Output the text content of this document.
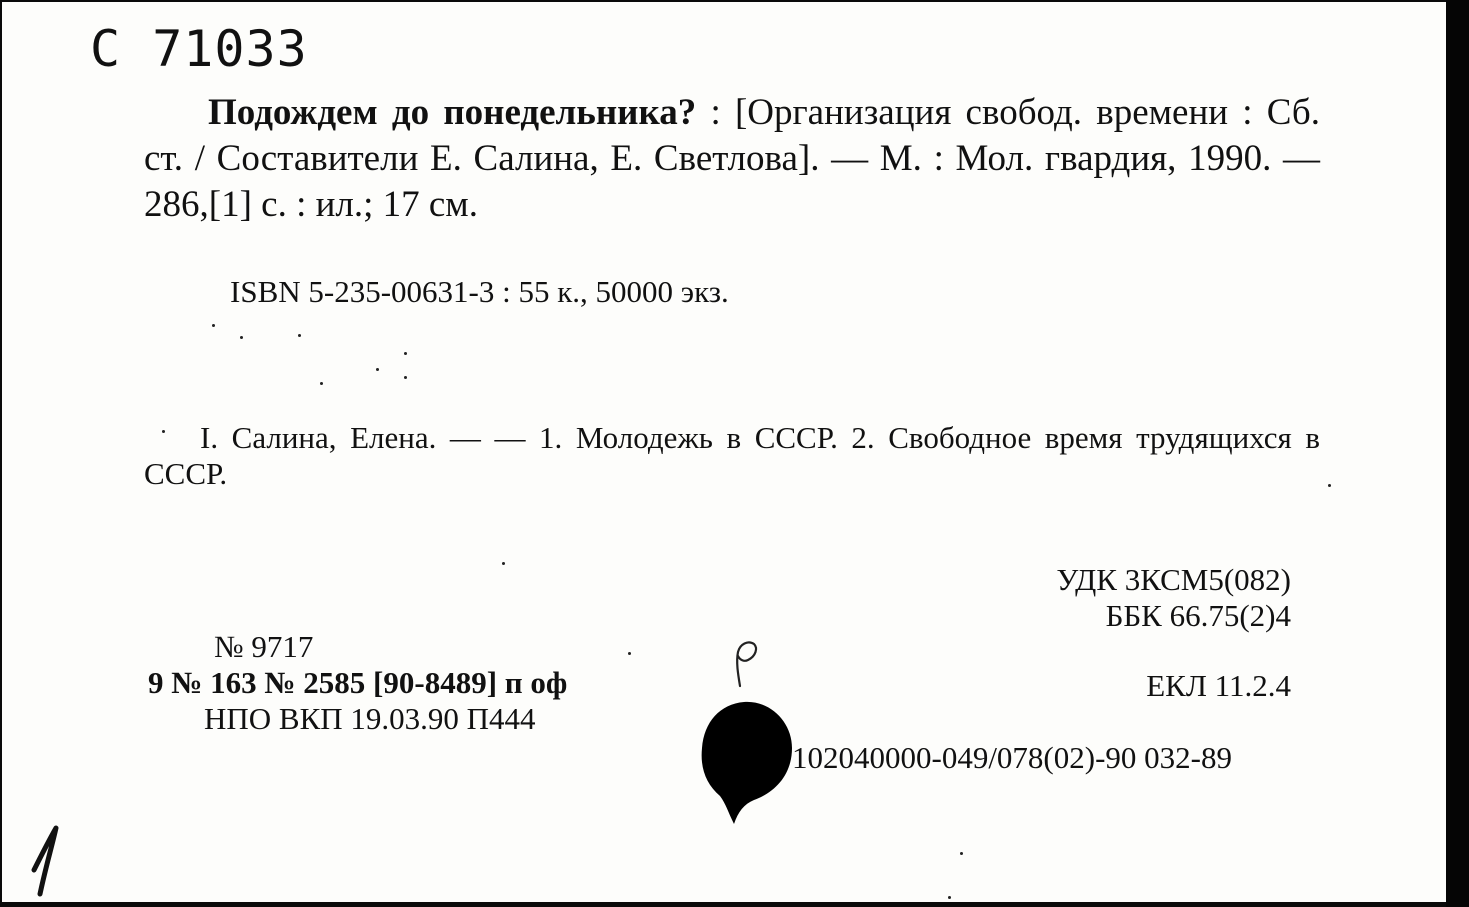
С 71033
Подождем до понедельника? : [Организация свобод. времени : Сб. ст. / Составители Е. Салина, Е. Светлова]. — М. : Мол. гвардия, 1990. — 286,[1] с. : ил.; 17 см.
ISBN 5-235-00631-3 : 55 к., 50000 экз.
I. Салина, Елена. — — 1. Молодежь в СССР. 2. Свободное время трудящихся в СССР.
УДК 3КСМ5(082)
ББК 66.75(2)4
ЕКЛ 11.2.4
102040000-049/078(02)-90 032-89
№ 9717
9 № 163 № 2585 [90-8489] п оф
НПО ВКП 19.03.90 П444
